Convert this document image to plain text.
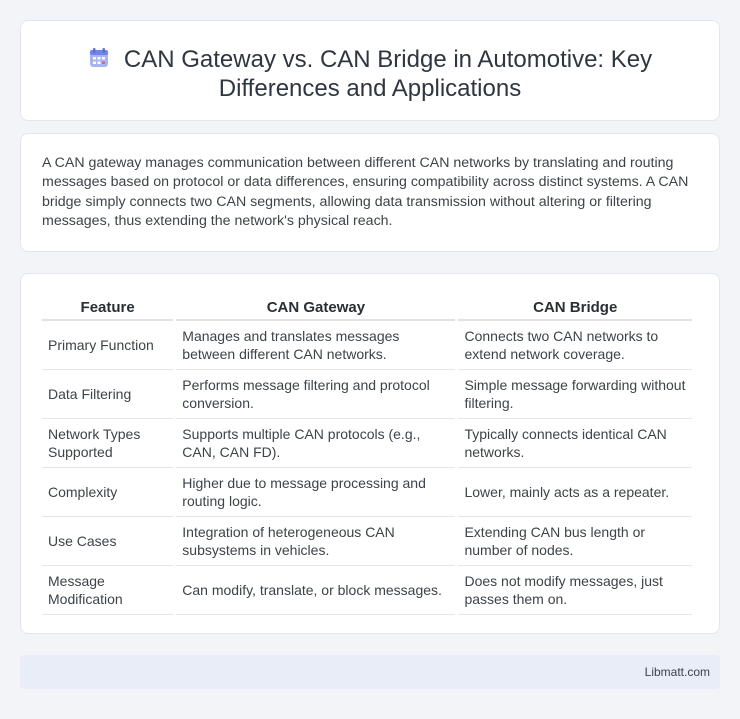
CAN Gateway vs. CAN Bridge in Automotive: Key
Differences and Applications

A CAN gateway manages communication between different CAN networks by translating and routing messages based on protocol or data differences, ensuring compatibility across distinct systems. A CAN bridge simply connects two CAN segments, allowing data transmission without altering or filtering messages, thus extending the network's physical reach.

Feature	CAN Gateway	CAN Bridge
Primary Function	Manages and translates messages between different CAN networks.	Connects two CAN networks to extend network coverage.
Data Filtering	Performs message filtering and protocol conversion.	Simple message forwarding without filtering.
Network Types Supported	Supports multiple CAN protocols (e.g., CAN, CAN FD).	Typically connects identical CAN networks.
Complexity	Higher due to message processing and routing logic.	Lower, mainly acts as a repeater.
Use Cases	Integration of heterogeneous CAN subsystems in vehicles.	Extending CAN bus length or number of nodes.
Message Modification	Can modify, translate, or block messages.	Does not modify messages, just passes them on.
Libmatt.com
